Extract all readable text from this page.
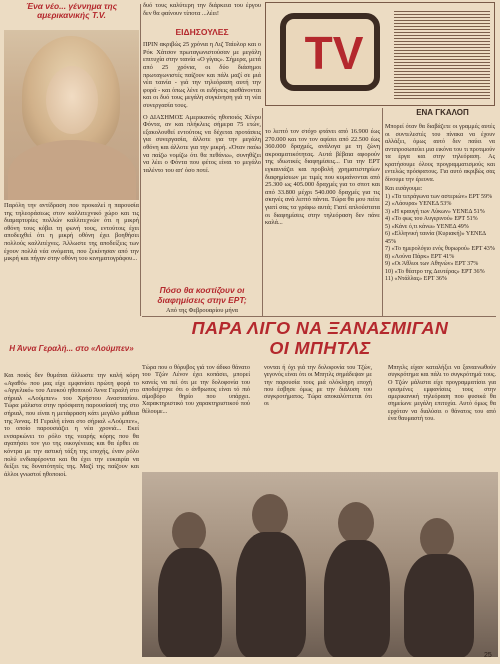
Ένα νέο... γέννημα της αμερικανικής Τ.V.
Παρόλη την αντίδραση που προκαλεί η παρουσία της τηλεοράσεως στον καλλιτεχνικό χώρο και τις διαμαρτυρίες πολλών καλλιτεχνών ότι η μικρή οθόνη τους κόβει τη φωνή τους, εντούτοις έχει αποδειχθεί ότι η μικρή οθόνη έχει βοηθήσει πολλούς καλλιτέχνες. Άλλωστε της αποδείξεις των έχουν πολλά νέα ονόματα, που ξεκίνησαν από την μικρή και πήγαν στην οθόνη του κινηματογράφου...
Η Άννα Γεραλή... στο «Λούμπεν»
Και ποιός δεν θυμάται άλλωστε την καλή κόρη «Αγαθό» που μας είχε εμφανίσει πρώτη φορά το «Αγγελικό» του Λευκού ηθοποιού Άννα Γεραλή στο σήριαλ «Λούμπεν» του Χρήστου Αναστασίου. Τώρα μάλιστα στην πρόσφατη παρουσίασή της στο σήριαλ, που είναι η μετάφραση κάτι μεγάλο μάθεια της Άννας. Η Γεραλή είναι στο σήριαλ «Λούμπεν», το οποίο παρουσιάζει η νέα χρονιά... Εκεί ενσαρκώνει το ρόλο της νεαρής κόρης που θα αγαπήσει τον γιο της οικογένειας και θα έρθει σε κόντρα με την αστική τάξη της εποχής, έναν ρόλο πολύ ενδιαφέροντα και θα έχει την ευκαιρία να δείξει τις δυνατότητές της. Μαζί της παίζουν και άλλοι γνωστοί ηθοποιοί.
δυό τους καλύτερη την διάρκεια του έργου δεν θα φαίνουν τίποτα ...λέει!
ΕΙΔΗΣΟΥΛΕΣ
ΠΡΙΝ ακριβώς 25 χρόνια η Λιζ Ταίυλορ και ο Ρόκ Χάτσον πρωταγωνιστούσαν με μεγάλη επιτυχία στην ταινία «Ο γίγας». Σήμερα, μετά από 25 χρόνια, οι δύο διάσημοι πρωταγωνιστές παίζουν και πάλι μαζί σε μιά νέα ταινία - γιά την τηλεόραση αυτή την φορά - και όπως λένε οι ειδήσεις αισθάνονται και οι δυό τους μεγάλη συγκίνηση γιά τη νέα συνεργασία τους.
Ο ΔΙΑΣΗΜΟΣ Αμερικανός ηθοποιός Χένρυ Φόντα, αν και πλήκλεις σήμερα 75 ετών, εξακολουθεί εντούτοις να δέχεται προτάσεις για συνεργασία, άλλοτε για την μεγάλη οθόνη και άλλοτε για την μικρή. «Όταν παύω να παίζω νομίζω ότι θα πεθάνω», συνηθίζει να λέει ο Φόντα που φέτος είναι το μεγάλο ταλέντο του απ' όσο ποτέ.
Πόσο θα κοστίζουν οι διαφημίσεις στην ΕΡΤ;
Από της Φεβρουαρίου μήνα
TV
το λεπτό τον στόχο φτάνει από 16.900 έως 270.000 και τον τον αφίσει από 22.500 έως 360.000 δραχμές, ανάλογα με τη ζώνη ακροαματικότητας. Αυτά βέβαια αφορούν της ιδιωτικές διαφημίσεις... Για την ΕΡΤ εγκαινιάζει και προβολή χρηματιστηρίων διαφημίσεων με τιμές που κυμαίνονται από 25.300 ως 405.000 δραχμές για το σποτ και από 33.800 μέχρι 540.000 δραχμές για τις σκηνές ανά λεπτό πάντα. Τώρα θα μου πείτε γιατί σας τα γράφω αυτά; Γιατί απλούστατα οι διαφημίσεις στην τηλεόραση δεν πάνε καλά...
ΕΝΑ ΓΚΑΛΟΠ
Μπορεί όταν θα διαβάζετε οι γραμμές αυτές οι συντελεστές του πίνακα να έχουν αλλάξει, όμως αυτό δεν παύει να αντιπροσωπεύει μια εικόνα του τι προτιμούν τα έργα και στην τηλεόραση. Ας κρατήσουμε όλους προγραμματισμούς και εντελώς πρόσφατους. Για αυτό ακριβώς σας δίνουμε την έρευνα.
Και εισάγουμε:
1) «Τα τετράγωνα των αστεριών» ΕΡΤ 59%
2) «Λάουρα» ΥΕΝΕΔ 53%
3) «Η κραυγή των Λύκων» ΥΕΝΕΔ 51%
4) «Το φως του Αυγερινού» ΕΡΤ 51%
5) «Κάνε ό,τι κάνω» ΥΕΝΕΔ 49%
6) «Ελληνική ταινία (Κυριακή)» ΥΕΝΕΔ 45%
7) «Το ημερολόγιο ενός θυρωρού» ΕΡΤ 43%
8) «Λούνα Πάρκ» ΕΡΤ 41%
9) «Οι Άθλιοι των Αθηνών» ΕΡΤ 37%
10) «Το θέατρο της Δευτέρας» ΕΡΤ 36%
11) «Ντάλλας» ΕΡΤ 36%
ΠΑΡΑ ΛΙΓΟ ΝΑ ΞΑΝΑΣΜΙΓΑΝ
ΟΙ ΜΠΗΤΛΣ
Τώρα που ο θόρυβος γιά τον άδικο θάνατο του Τζών Λένον έχει κοπάσει, μπορεί κανείς να πεί ότι με την δολοφονία του αποδείχτηκε ότι ο άνθρωπος είναι τό πιό αίμοβόρο θηρίο που υπάρχει. Χαρακτηριστικό του χαρακτηριστικού πού θέλουμε...
νονται ή όχι γιά την δολοφονία του Τζών, γεγονός είναι ότι οι Μπητλς σημάδεψαν με την παρουσία τους μιά ολόκληρη εποχή που έσβησε όμως με την διάλυση του συγκροτήματος. Τώρα αποκαλύπτεται ότι οι
Μπητλς είχαν καταλήξει να ξαναενωθούν συγκρότημα και πάλι το συγκρότημά τους. Ο Τζών μάλιστα είχε προγραμματίσει για ορισμένες εμφανίσεις τους στην αμερικανική τηλεόραση που φυσικά θα σημείωνε μεγάλη επιτυχία. Αυτό όμως θα ερχόταν να διαλύσει ο θάνατος του από ένα θαυμαστή του.
25
